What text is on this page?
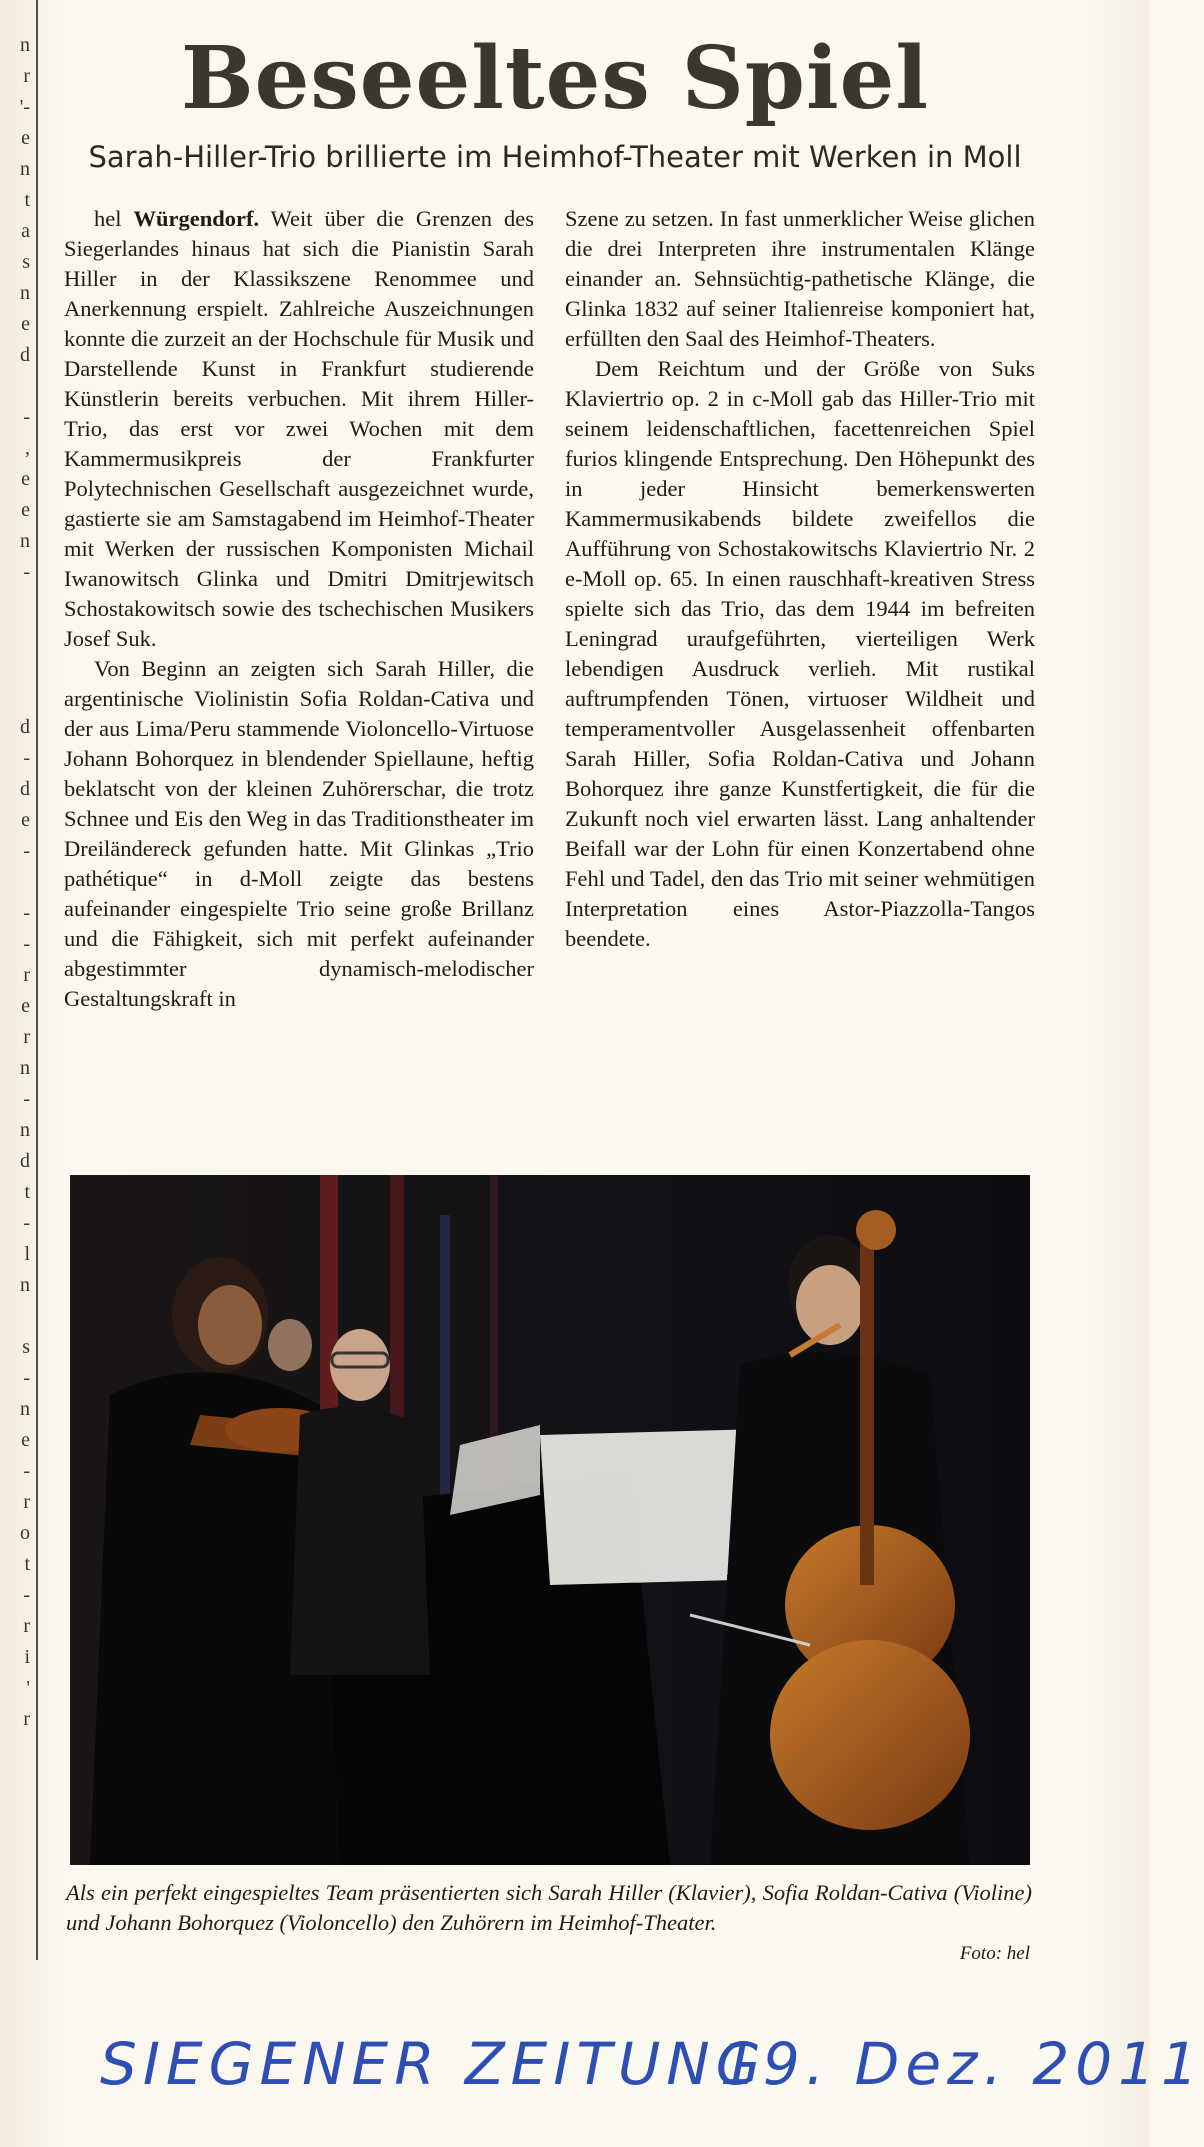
n
r
'-
e
n
t
a
s
n
e
d
-
,
e
e
n
-
d
-
d
e
-
-
-
r
e
r
n
-
n
d
t
-
l
n
s
-
n
e
-
r
o
t
-
r
i
'
r
Beseeltes Spiel
Sarah-Hiller-Trio brillierte im Heimhof-Theater mit Werken in Moll

hel Würgendorf. Weit über die Grenzen des Siegerlandes hinaus hat sich die Pianistin Sarah Hiller in der Klassikszene Renommee und Anerkennung erspielt. Zahlreiche Auszeichnungen konnte die zurzeit an der Hochschule für Musik und Darstellende Kunst in Frankfurt studierende Künstlerin bereits verbuchen. Mit ihrem Hiller-Trio, das erst vor zwei Wochen mit dem Kammermusikpreis der Frankfurter Polytechnischen Gesellschaft ausgezeichnet wurde, gastierte sie am Samstagabend im Heimhof-Theater mit Werken der russischen Komponisten Michail Iwanowitsch Glinka und Dmitri Dmitrjewitsch Schostakowitsch sowie des tschechischen Musikers Josef Suk.

Von Beginn an zeigten sich Sarah Hiller, die argentinische Violinistin Sofia Roldan-Cativa und der aus Lima/Peru stammende Violoncello-Virtuose Johann Bohorquez in blendender Spiellaune, heftig beklatscht von der kleinen Zuhörerschar, die trotz Schnee und Eis den Weg in das Traditionstheater im Dreiländereck gefunden hatte. Mit Glinkas „Trio pathétique“ in d-Moll zeigte das bestens aufeinander eingespielte Trio seine große Brillanz und die Fähigkeit, sich mit perfekt aufeinander abgestimmter dynamisch-melodischer Gestaltungskraft in

Szene zu setzen. In fast unmerklicher Weise glichen die drei Interpreten ihre instrumentalen Klänge einander an. Sehnsüchtig-pathetische Klänge, die Glinka 1832 auf seiner Italienreise komponiert hat, erfüllten den Saal des Heimhof-Theaters.

Dem Reichtum und der Größe von Suks Klaviertrio op. 2 in c-Moll gab das Hiller-Trio mit seinem leidenschaftlichen, facettenreichen Spiel furios klingende Entsprechung. Den Höhepunkt des in jeder Hinsicht bemerkenswerten Kammermusikabends bildete zweifellos die Aufführung von Schostakowitschs Klaviertrio Nr. 2 e-Moll op. 65. In einen rauschhaft-kreativen Stress spielte sich das Trio, das dem 1944 im befreiten Leningrad uraufgeführten, vierteiligen Werk lebendigen Ausdruck verlieh. Mit rustikal auftrumpfenden Tönen, virtuoser Wildheit und temperamentvoller Ausgelassenheit offenbarten Sarah Hiller, Sofia Roldan-Cativa und Johann Bohorquez ihre ganze Kunstfertigkeit, die für die Zukunft noch viel erwarten lässt. Lang anhaltender Beifall war der Lohn für einen Konzertabend ohne Fehl und Tadel, den das Trio mit seiner wehmütigen Interpretation eines Astor-Piazzolla-Tangos beendete.

Als ein perfekt eingespieltes Team präsentierten sich Sarah Hiller (Klavier), Sofia Roldan-Cativa (Violine) und Johann Bohorquez (Violoncello) den Zuhörern im Heimhof-Theater.
Foto: hel
SIEGENER ZEITUNG
19. Dez. 2011
